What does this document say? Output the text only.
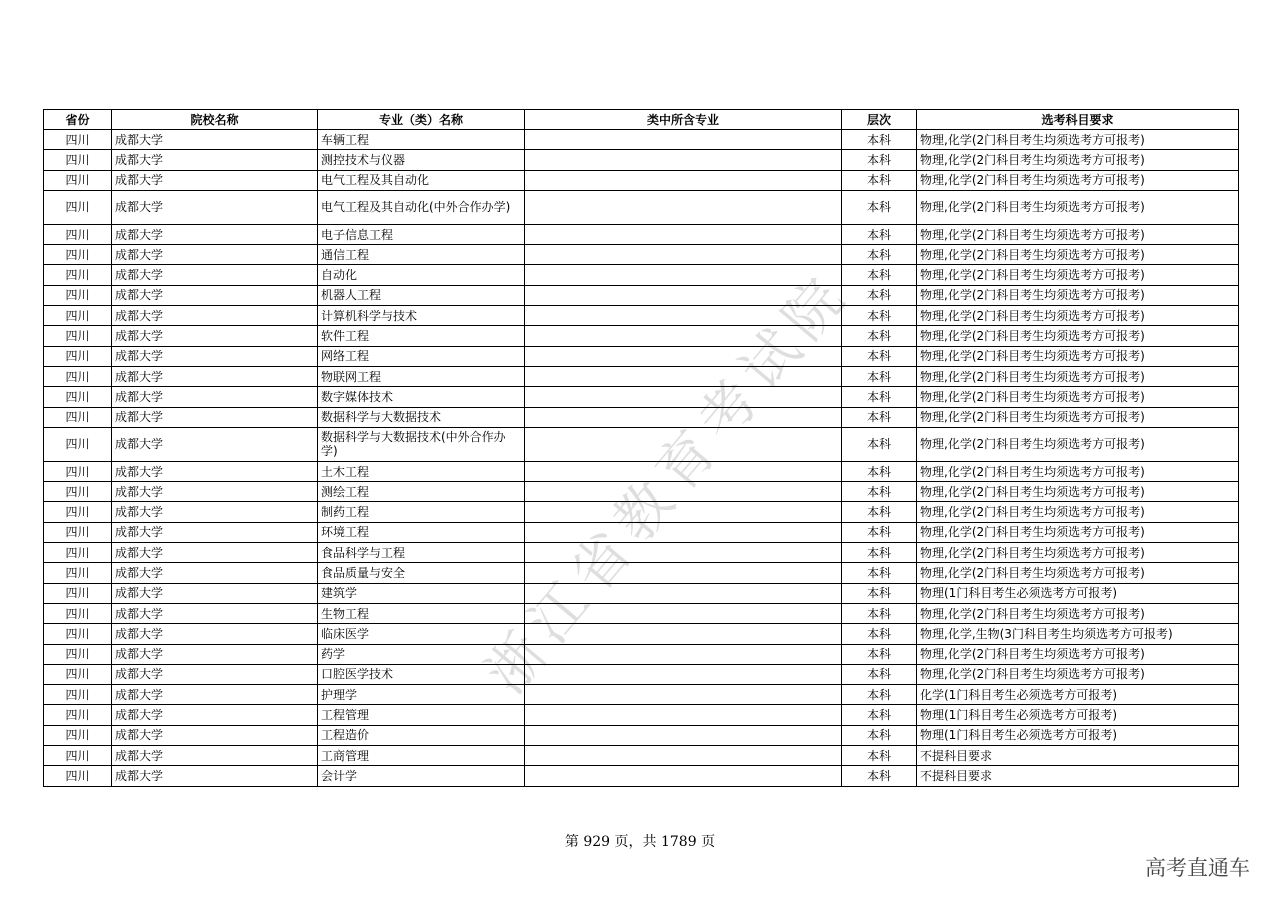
省份	院校名称	专业（类）名称	类中所含专业	层次	选考科目要求
四川	成都大学	车辆工程		本科	物理,化学(2门科目考生均须选考方可报考)
四川	成都大学	测控技术与仪器		本科	物理,化学(2门科目考生均须选考方可报考)
四川	成都大学	电气工程及其自动化		本科	物理,化学(2门科目考生均须选考方可报考)
四川	成都大学	电气工程及其自动化(中外合作办学)		本科	物理,化学(2门科目考生均须选考方可报考)
四川	成都大学	电子信息工程		本科	物理,化学(2门科目考生均须选考方可报考)
四川	成都大学	通信工程		本科	物理,化学(2门科目考生均须选考方可报考)
四川	成都大学	自动化		本科	物理,化学(2门科目考生均须选考方可报考)
四川	成都大学	机器人工程		本科	物理,化学(2门科目考生均须选考方可报考)
四川	成都大学	计算机科学与技术		本科	物理,化学(2门科目考生均须选考方可报考)
四川	成都大学	软件工程		本科	物理,化学(2门科目考生均须选考方可报考)
四川	成都大学	网络工程		本科	物理,化学(2门科目考生均须选考方可报考)
四川	成都大学	物联网工程		本科	物理,化学(2门科目考生均须选考方可报考)
四川	成都大学	数字媒体技术		本科	物理,化学(2门科目考生均须选考方可报考)
四川	成都大学	数据科学与大数据技术		本科	物理,化学(2门科目考生均须选考方可报考)
四川	成都大学	数据科学与大数据技术(中外合作办学)		本科	物理,化学(2门科目考生均须选考方可报考)
四川	成都大学	土木工程		本科	物理,化学(2门科目考生均须选考方可报考)
四川	成都大学	测绘工程		本科	物理,化学(2门科目考生均须选考方可报考)
四川	成都大学	制药工程		本科	物理,化学(2门科目考生均须选考方可报考)
四川	成都大学	环境工程		本科	物理,化学(2门科目考生均须选考方可报考)
四川	成都大学	食品科学与工程		本科	物理,化学(2门科目考生均须选考方可报考)
四川	成都大学	食品质量与安全		本科	物理,化学(2门科目考生均须选考方可报考)
四川	成都大学	建筑学		本科	物理(1门科目考生必须选考方可报考)
四川	成都大学	生物工程		本科	物理,化学(2门科目考生均须选考方可报考)
四川	成都大学	临床医学		本科	物理,化学,生物(3门科目考生均须选考方可报考)
四川	成都大学	药学		本科	物理,化学(2门科目考生均须选考方可报考)
四川	成都大学	口腔医学技术		本科	物理,化学(2门科目考生均须选考方可报考)
四川	成都大学	护理学		本科	化学(1门科目考生必须选考方可报考)
四川	成都大学	工程管理		本科	物理(1门科目考生必须选考方可报考)
四川	成都大学	工程造价		本科	物理(1门科目考生必须选考方可报考)
四川	成都大学	工商管理		本科	不提科目要求
四川	成都大学	会计学		本科	不提科目要求
浙江省教育考试院
第 929 页，共 1789 页
高考直通车
